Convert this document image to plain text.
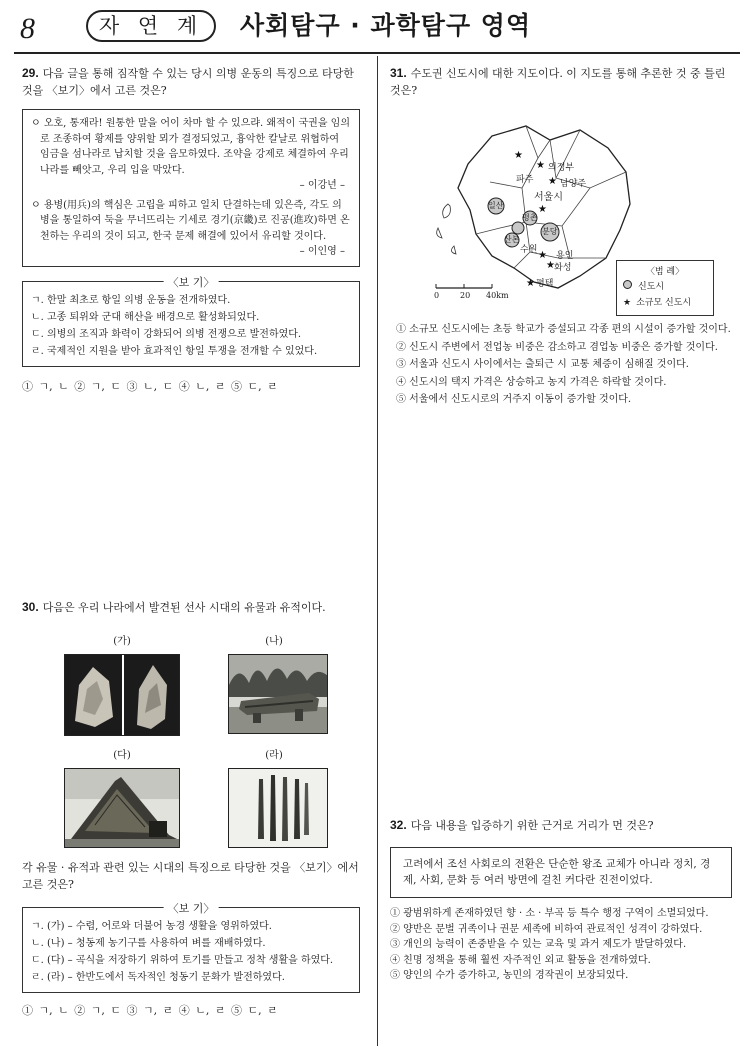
8	자 연 계	사회탐구 · 과학탐구 영역
29. 다음 글을 통해 짐작할 수 있는 당시 의병 운동의 특징으로 타당한 것을 〈보기〉에서 고른 것은?

ㅇ 오호, 통재라! 원통한 말을 어이 차마 할 수 있으랴. 왜적이 국권을 임의로 조종하여 황제를 양위할 뫼가 결정되었고, 흉악한 칼날로 위협하여 임금을 섬나라로 납치할 것을 음모하였다. 조약을 강제로 체결하여 우리 나라를 빼앗고, 우리 입을 막았다.

– 이강년 –

ㅇ 용병(用兵)의 핵심은 고립을 피하고 일치 단결하는데 있은즉, 각도 의병을 통일하여 둑을 무너뜨리는 기세로 경기(京畿)로 진공(進攻)하면 온 천하는 우리의 것이 되고, 한국 문제 해결에 있어서 유리할 것이다.

– 이인영 –
〈보 기〉
ㄱ. 한말 최초로 항일 의병 운동을 전개하였다.
ㄴ. 고종 퇴위와 군대 해산을 배경으로 활성화되었다.
ㄷ. 의병의 조직과 화력이 강화되어 의병 전쟁으로 발전하였다.
ㄹ. 국제적인 지원을 받아 효과적인 항일 투쟁을 전개할 수 있었다.
① ㄱ, ㄴ ② ㄱ, ㄷ ③ ㄴ, ㄷ ④ ㄴ, ㄹ ⑤ ㄷ, ㄹ
30. 다음은 우리 나라에서 발견된 선사 시대의 유물과 유적이다.
(가)	(나)
(다)	(라)
각 유물 · 유적과 관련 있는 시대의 특징으로 타당한 것을 〈보기〉에서 고른 것은?
〈보 기〉
ㄱ. (가) – 수렵, 어로와 더불어 농경 생활을 영위하였다.
ㄴ. (나) – 청동제 농기구를 사용하여 벼를 재배하였다.
ㄷ. (다) – 곡식을 저장하기 위하여 토기를 만들고 정착 생활을 하였다.
ㄹ. (라) – 한반도에서 독자적인 청동기 문화가 발전하였다.
① ㄱ, ㄴ ② ㄱ, ㄷ ③ ㄱ, ㄹ ④ ㄴ, ㄹ ⑤ ㄷ, ㄹ
31. 수도권 신도시에 대한 지도이다. 이 지도를 통해 추론한 것 중 틀린 것은?
★
★
★
★
★
★
★
파주
의정부
남양주
서울시
일산
평촌
분당
산본
수원
용인
화성
평택
0	20 40km
〈범 례〉
신도시
★ 소규모 신도시
① 소규모 신도시에는 초등 학교가 증설되고 각종 편의 시설이 증가할 것이다.
② 신도시 주변에서 전업농 비중은 감소하고 겸업농 비중은 증가할 것이다.
③ 서울과 신도시 사이에서는 출퇴근 시 교통 체증이 심해질 것이다.
④ 신도시의 택지 가격은 상승하고 농지 가격은 하락할 것이다.
⑤ 서울에서 신도시로의 거주지 이동이 증가할 것이다.
32. 다음 내용을 입증하기 위한 근거로 거리가 먼 것은?
고려에서 조선 사회로의 전환은 단순한 왕조 교체가 아니라 정치, 경제, 사회, 문화 등 여러 방면에 걸친 커다란 진전이었다.
① 광범위하게 존재하였던 향 · 소 · 부곡 등 특수 행정 구역이 소멸되었다.
② 양반은 문벌 귀족이나 권문 세족에 비하여 관료적인 성격이 강하였다.
③ 개인의 능력이 존중받을 수 있는 교육 및 과거 제도가 발달하였다.
④ 친명 정책을 통해 훨씬 자주적인 외교 활동을 전개하였다.
⑤ 양인의 수가 증가하고, 농민의 경작권이 보장되었다.
